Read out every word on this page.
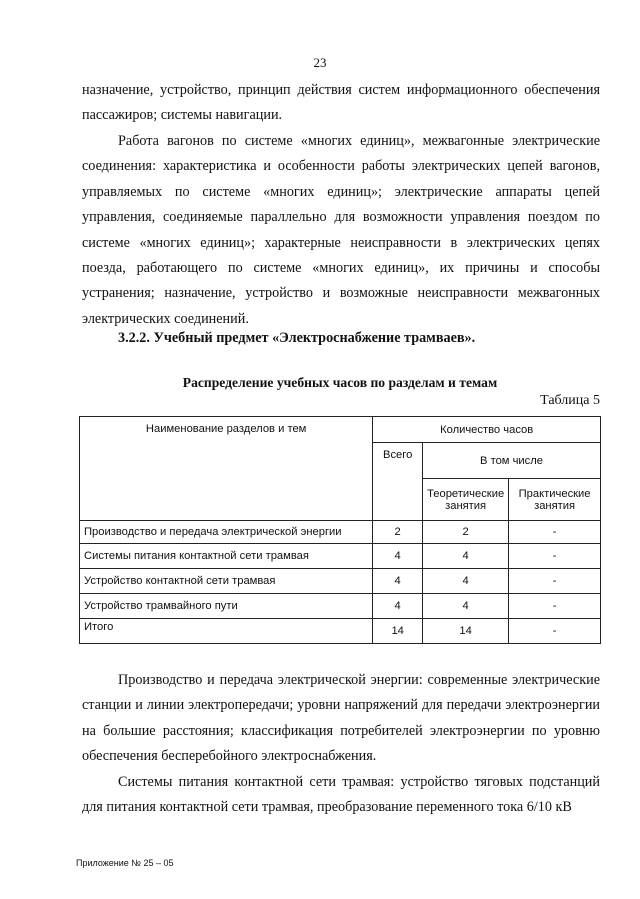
23

назначение, устройство, принцип действия систем информационного обеспечения пассажиров; системы навигации.

Работа вагонов по системе «многих единиц», межвагонные электрические соединения: характеристика и особенности работы электрических цепей вагонов, управляемых по системе «многих единиц»; электрические аппараты цепей управления, соединяемые параллельно для возможности управления поездом по системе «многих единиц»; характерные неисправности в электрических цепях поезда, работающего по системе «многих единиц», их причины и способы устранения; назначение, устройство и возможные неисправности межвагонных электрических соединений.

3.2.2. Учебный предмет «Электроснабжение трамваев».
Распределение учебных часов по разделам и темам
Таблица 5
Наименование разделов и тем	Количество часов		
	Всего	В том числе	
		Теоретические занятия	Практические занятия
Производство и передача электрической энергии	2	2	-
Системы питания контактной сети трамвая	4	4	-
Устройство контактной сети трамвая	4	4	-
Устройство трамвайного пути	4	4	-
Итого	14	14	-

Производство и передача электрической энергии: современные электрические станции и линии электропередачи; уровни напряжений для передачи электроэнергии на большие расстояния; классификация потребителей электроэнергии по уровню обеспечения бесперебойного электроснабжения.

Системы питания контактной сети трамвая: устройство тяговых подстанций для питания контактной сети трамвая, преобразование переменного тока 6/10 кВ

Приложение № 25 – 05
